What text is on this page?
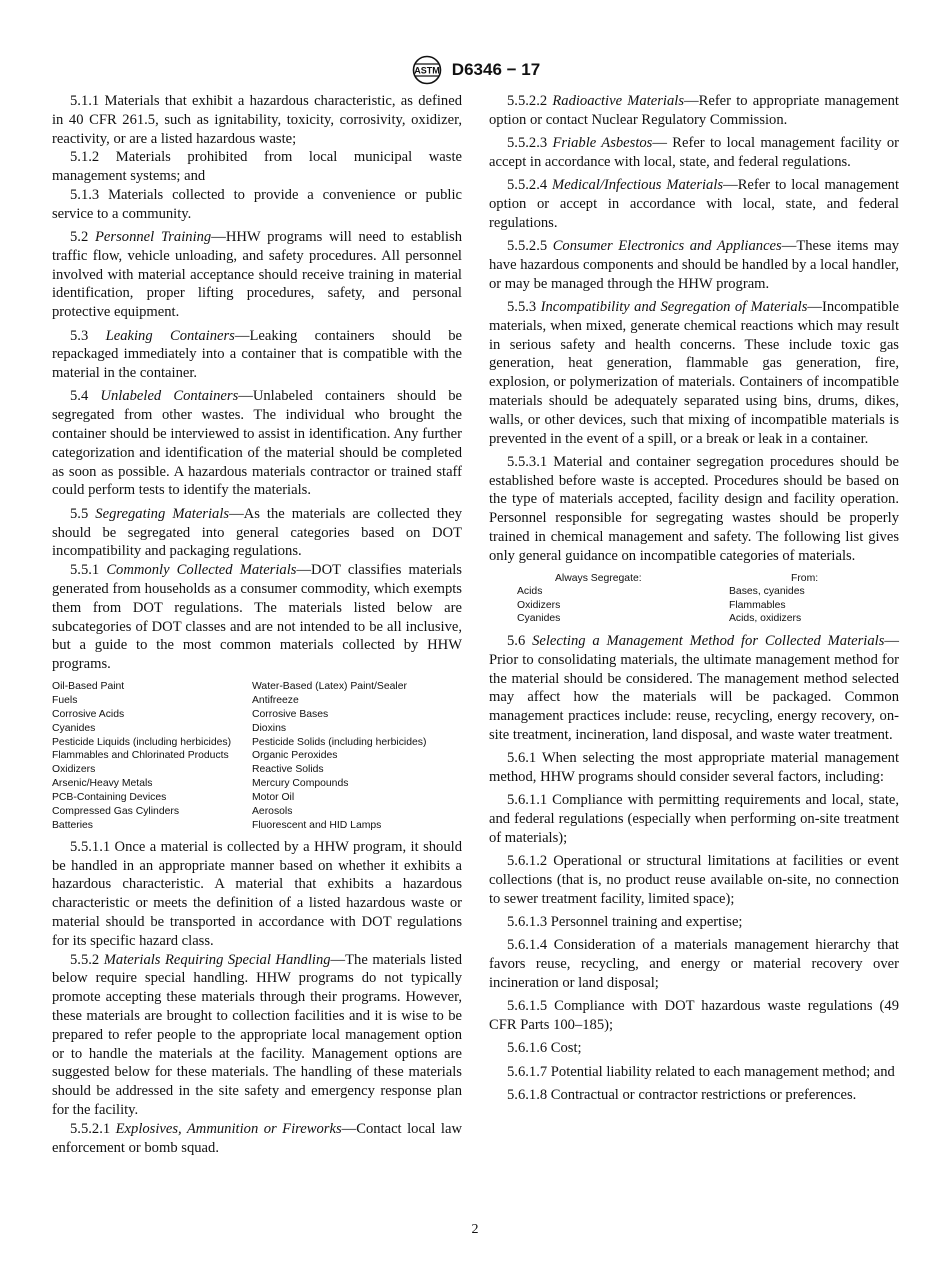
ASTM D6346 − 17

5.1.1 Materials that exhibit a hazardous characteristic, as defined in 40 CFR 261.5, such as ignitability, toxicity, corrosivity, oxidizer, reactivity, or are a listed hazardous waste;

5.1.2 Materials prohibited from local municipal waste management systems; and

5.1.3 Materials collected to provide a convenience or public service to a community.

5.2 Personnel Training—HHW programs will need to establish traffic flow, vehicle unloading, and safety procedures. All personnel involved with material acceptance should receive training in material identification, proper lifting procedures, safety, and personal protective equipment.

5.3 Leaking Containers—Leaking containers should be repackaged immediately into a container that is compatible with the material in the container.

5.4 Unlabeled Containers—Unlabeled containers should be segregated from other wastes. The individual who brought the container should be interviewed to assist in identification. Any further categorization and identification of the material should be completed as soon as possible. A hazardous materials contractor or trained staff could perform tests to identify the materials.

5.5 Segregating Materials—As the materials are collected they should be segregated into general categories based on DOT incompatibility and packaging regulations.

5.5.1 Commonly Collected Materials—DOT classifies materials generated from households as a consumer commodity, which exempts them from DOT regulations. The materials listed below are subcategories of DOT classes and are not intended to be all inclusive, but a guide to the most common materials collected by HHW programs.

Oil-Based Paint	Water-Based (Latex) Paint/Sealer
Fuels	Antifreeze
Corrosive Acids	Corrosive Bases
Cyanides	Dioxins
Pesticide Liquids (including herbicides)	Pesticide Solids (including herbicides)
Flammables and Chlorinated Products	Organic Peroxides
Oxidizers	Reactive Solids
Arsenic/Heavy Metals	Mercury Compounds
PCB-Containing Devices	Motor Oil
Compressed Gas Cylinders	Aerosols
Batteries	Fluorescent and HID Lamps

5.5.1.1 Once a material is collected by a HHW program, it should be handled in an appropriate manner based on whether it exhibits a hazardous characteristic. A material that exhibits a hazardous characteristic or meets the definition of a listed hazardous waste or material should be transported in accordance with DOT regulations for its specific hazard class.

5.5.2 Materials Requiring Special Handling—The materials listed below require special handling. HHW programs do not typically promote accepting these materials through their programs. However, these materials are brought to collection facilities and it is wise to be prepared to refer people to the appropriate local management option or to handle the materials at the facility. Management options are suggested below for these materials. The handling of these materials should be addressed in the site safety and emergency response plan for the facility.

5.5.2.1 Explosives, Ammunition or Fireworks—Contact local law enforcement or bomb squad.

5.5.2.2 Radioactive Materials—Refer to appropriate management option or contact Nuclear Regulatory Commission.

5.5.2.3 Friable Asbestos— Refer to local management facility or accept in accordance with local, state, and federal regulations.

5.5.2.4 Medical/Infectious Materials—Refer to local management option or accept in accordance with local, state, and federal regulations.

5.5.2.5 Consumer Electronics and Appliances—These items may have hazardous components and should be handled by a local handler, or may be managed through the HHW program.

5.5.3 Incompatibility and Segregation of Materials—Incompatible materials, when mixed, generate chemical reactions which may result in serious safety and health concerns. These include toxic gas generation, heat generation, flammable gas generation, fire, explosion, or polymerization of materials. Containers of incompatible materials should be adequately separated using bins, drums, dikes, walls, or other devices, such that mixing of incompatible materials is prevented in the event of a spill, or a break or leak in a container.

5.5.3.1 Material and container segregation procedures should be established before waste is accepted. Procedures should be based on the type of materials accepted, facility design and facility operation. Personnel responsible for segregating wastes should be properly trained in chemical management and safety. The following list gives only general guidance on incompatible categories of materials.

Always Segregate:	From:
Acids	Bases, cyanides
Oxidizers	Flammables
Cyanides	Acids, oxidizers

5.6 Selecting a Management Method for Collected Materials—Prior to consolidating materials, the ultimate management method for the material should be considered. The management method selected may affect how the materials will be packaged. Common management practices include: reuse, recycling, energy recovery, on-site treatment, incineration, land disposal, and waste water treatment.

5.6.1 When selecting the most appropriate material management method, HHW programs should consider several factors, including:

5.6.1.1 Compliance with permitting requirements and local, state, and federal regulations (especially when performing on-site treatment of materials);

5.6.1.2 Operational or structural limitations at facilities or event collections (that is, no product reuse available on-site, no connection to sewer treatment facility, limited space);

5.6.1.3 Personnel training and expertise;

5.6.1.4 Consideration of a materials management hierarchy that favors reuse, recycling, and energy or material recovery over incineration or land disposal;

5.6.1.5 Compliance with DOT hazardous waste regulations (49 CFR Parts 100–185);

5.6.1.6 Cost;

5.6.1.7 Potential liability related to each management method; and

5.6.1.8 Contractual or contractor restrictions or preferences.

2
